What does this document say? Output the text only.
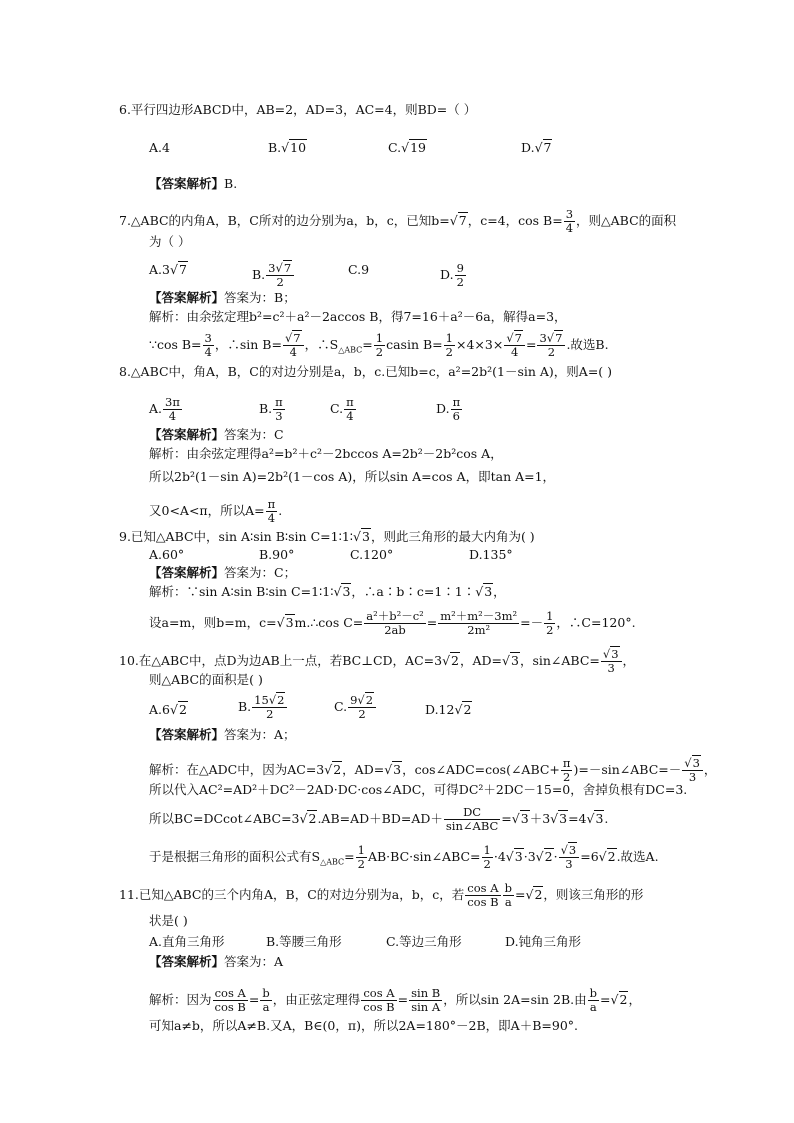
6.平行四边形ABCD中，AB=2，AD=3，AC=4，则BD=（ ）
A.4	B.√10	C.√19	D.√7
【答案解析】B.
7.△ABC的内角A，B，C所对的边分别为a，b，c，已知b=√7，c=4，$\cos B= \frac{3}{4}$ ，则△ABC的面积
为（ ）
A.3√7	B. $\frac{3√7}{2}$	C.9	D. $\frac{9}{2}$
【答案解析】答案为：B；
解析：由余弦定理b²=c²＋a²－2accos B，得7=16＋a²－6a，解得a=3，
∵cos $B= \frac{3}{4}$ ，∴sin $B= \frac{√7}{4}$ ，$\therefore S_{\triangle ABC}= \frac{1}{2}$ casin $B= \frac{1}{2} \times 4\times 3\times \frac{√7}{4} = \frac{3√7}{2}$ .故选B.
8.△ABC中，角A，B，C的对边分别是a，b，c.已知b=c，a²=2b²(1－sin A)，则A=( )
A. $\frac{3\pi}{4}$	B. $\frac{\pi}{3}$	C. $\frac{\pi}{4}$	D. $\frac{\pi}{6}$
【答案解析】答案为：C
解析：由余弦定理得a²=b²＋c²－2bccos A=2b²－2b²cos A，
所以2b²(1－sin A)=2b²(1－cos A)，所以sin A=cos A，即tan A=1，
又0<A<π，所以$A= \frac{\pi}{4}$ .
9.已知△ABC中，sin A∶sin B∶sin C=1∶1∶√3，则此三角形的最大内角为( )
A.60°	B.90°	C.120°	D.135°
【答案解析】答案为：C；
解析：∵sin A∶sin B∶sin C=1∶1∶√3，∴a∶b∶c=1∶1∶√3，
设a=m，则b=m，c=√3m.∴cos $C= \frac{\text{a²＋b²－c²}}{2ab} = \frac{\text{m²＋m²－3m²}}{\text{2m²}} =- \frac{1}{2}$ ，∴C=120°.
10.在△ABC中，点D为边AB上一点，若BC⊥CD，AC=3√2，AD=√3，sin∠ABC= $\frac{√3}{3}$ ，
则△ABC的面积是( )
A.6√2	B. $\frac{15√2}{2}$	C. $\frac{9√2}{2}$	D.12√2
【答案解析】答案为：A；
解析：在△ADC中，因为AC=3√2，AD=√3，cos∠ADC=cos(∠ABC+ $\frac{\pi}{2}$ )=－sin∠ABC=－ $\frac{√3}{3}$ ，
所以代入AC²=AD²＋DC²－2AD·DC·cos∠ADC，可得DC²＋2DC－15=0，舍掉负根有DC=3.
所以BC=DCcot∠ABC=3√2.AB=AD＋BD=AD＋ $\frac{DC}{\text{sin∠ABC}} =√3+3√3=4√3$.
于是根据三角形的面积公式有$S_{\triangle ABC}= \frac{1}{2}$ AB·BC·sin∠ABC= $\frac{1}{2} \cdot 4√3\cdot 3√2\cdot \frac{√3}{3} =6√2$.故选A.
11.已知△ABC的三个内角A，B，C的对边分别为a，b，c，若 $\frac{\text{cos A}}{\text{cos B}} \frac{b}{a} =√2$，则该三角形的形
状是( )
A.直角三角形	B.等腰三角形	C.等边三角形	D.钝角三角形
【答案解析】答案为：A
解析：因为 $\frac{\text{cos A}}{\text{cos B}} = \frac{b}{a}$ ，由正弦定理得 $\frac{\text{cos A}}{\text{cos B}} = \frac{\text{sin B}}{\text{sin A}}$ ，所以sin 2A=sin 2B.由 $\frac{b}{a} =√2$，
可知a≠b，所以A≠B.又A，B∈(0，π)，所以2A=180°－2B，即A＋B=90°.
